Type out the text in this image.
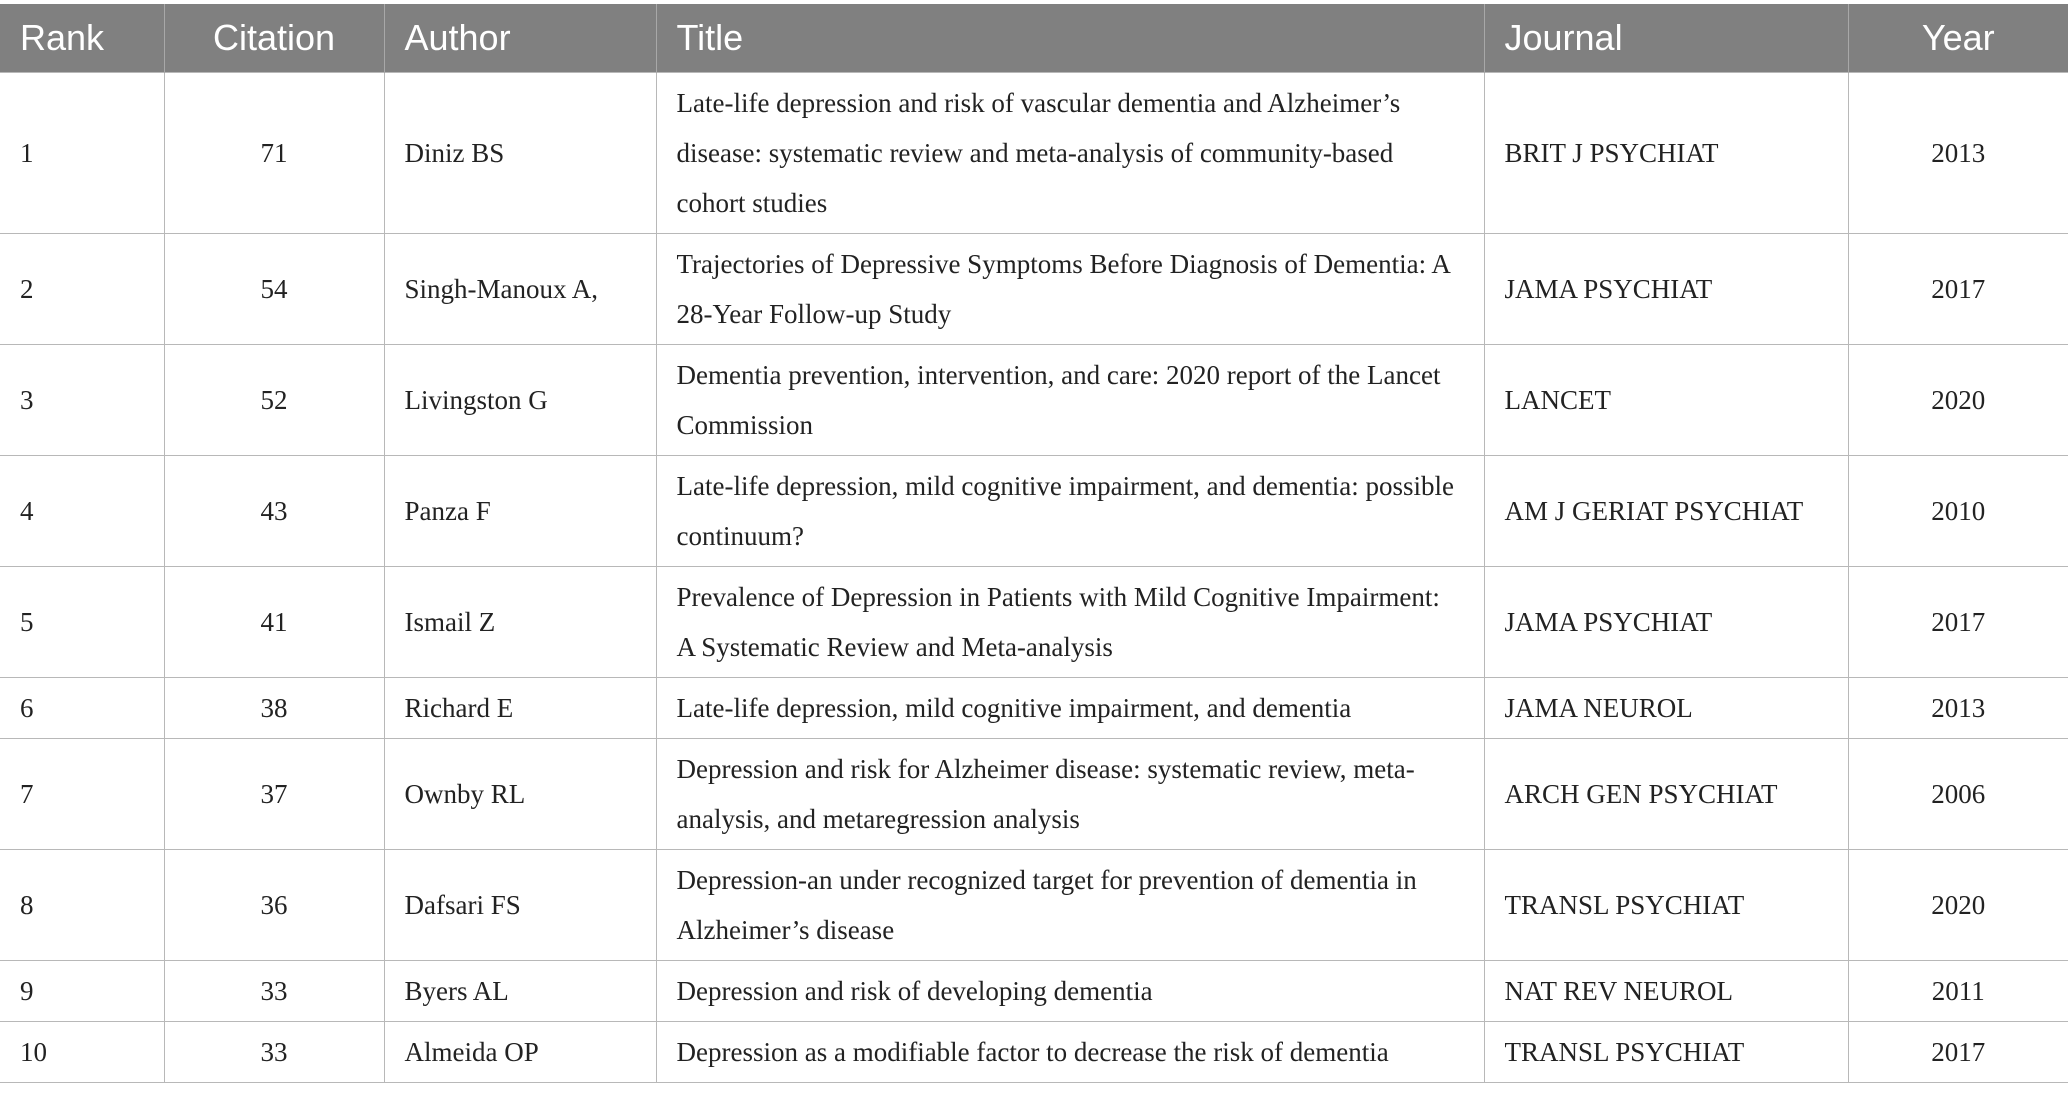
Rank	Citation	Author	Title	Journal	Year
1	71	Diniz BS	Late-life depression and risk of vascular dementia and Alzheimer’s disease: systematic review and meta-analysis of community-based cohort studies	BRIT J PSYCHIAT	2013
2	54	Singh-Manoux A,	Trajectories of Depressive Symptoms Before Diagnosis of Dementia: A 28-Year Follow-up Study	JAMA PSYCHIAT	2017
3	52	Livingston G	Dementia prevention, intervention, and care: 2020 report of the Lancet Commission	LANCET	2020
4	43	Panza F	Late-life depression, mild cognitive impairment, and dementia: possible continuum?	AM J GERIAT PSYCHIAT	2010
5	41	Ismail Z	Prevalence of Depression in Patients with Mild Cognitive Impairment: A Systematic Review and Meta-analysis	JAMA PSYCHIAT	2017
6	38	Richard E	Late-life depression, mild cognitive impairment, and dementia	JAMA NEUROL	2013
7	37	Ownby RL	Depression and risk for Alzheimer disease: systematic review, meta-analysis, and metaregression analysis	ARCH GEN PSYCHIAT	2006
8	36	Dafsari FS	Depression-an under recognized target for prevention of dementia in Alzheimer’s disease	TRANSL PSYCHIAT	2020
9	33	Byers AL	Depression and risk of developing dementia	NAT REV NEUROL	2011
10	33	Almeida OP	Depression as a modifiable factor to decrease the risk of dementia	TRANSL PSYCHIAT	2017
